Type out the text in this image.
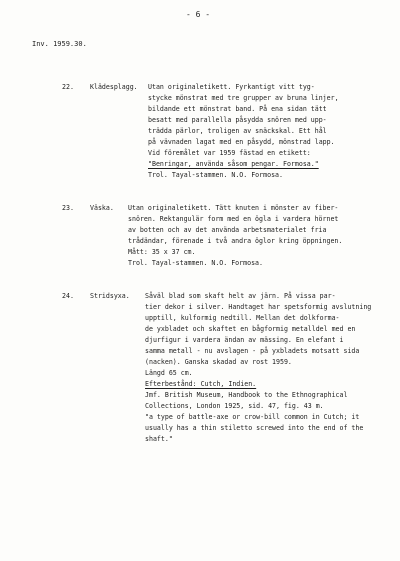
- 6 -
Inv. 1959.30.
22. Klädesplagg. Utan originaletikett. Fyrkantigt vitt tyg-
stycke mönstrat med tre grupper av bruna linjer,
bildande ett mönstrat band. På ena sidan tätt
besatt med parallella påsydda snören med upp-
trädda pärlor, troligen av snäckskal. Ett hål
på vävnaden lagat med en påsydd, mönstrad lapp.
Vid föremålet var 1959 fästad en etikett:
"Benringar, använda såsom pengar. Formosa."
Trol. Tayal-stammen. N.O. Formosa.
23. Väska. Utan originaletikett. Tätt knuten i mönster av fiber-
snören. Rektangulär form med en ögla i vardera hörnet
av botten och av det använda arbetsmaterialet fria
trådändar, förenade i två andra öglor kring öppningen.
Mått: 35 x 37 cm.
Trol. Tayal-stammen. N.O. Formosa.
24. Stridsyxa. Såväl blad som skaft helt av järn. På vissa par-
tier dekor i silver. Handtaget har spetsformig avslutning
upptill, kulformig nedtill. Mellan det dolkforma-
de yxbladet och skaftet en bågformig metalldel med en
djurfigur i vardera ändan av mässing. En elefant i
samma metall - nu avslagen - på yxbladets motsatt sida
(nacken). Ganska skadad av rost 1959.
Längd 65 cm.
Efterbestånd: Cutch, Indien.
Jmf. British Museum, Handbook to the Ethnographical
Collections, London 1925, sid. 47, fig. 43 m.
"a type of battle-axe or crow-bill common in Cutch; it
usually has a thin stiletto screwed into the end of the
shaft."
